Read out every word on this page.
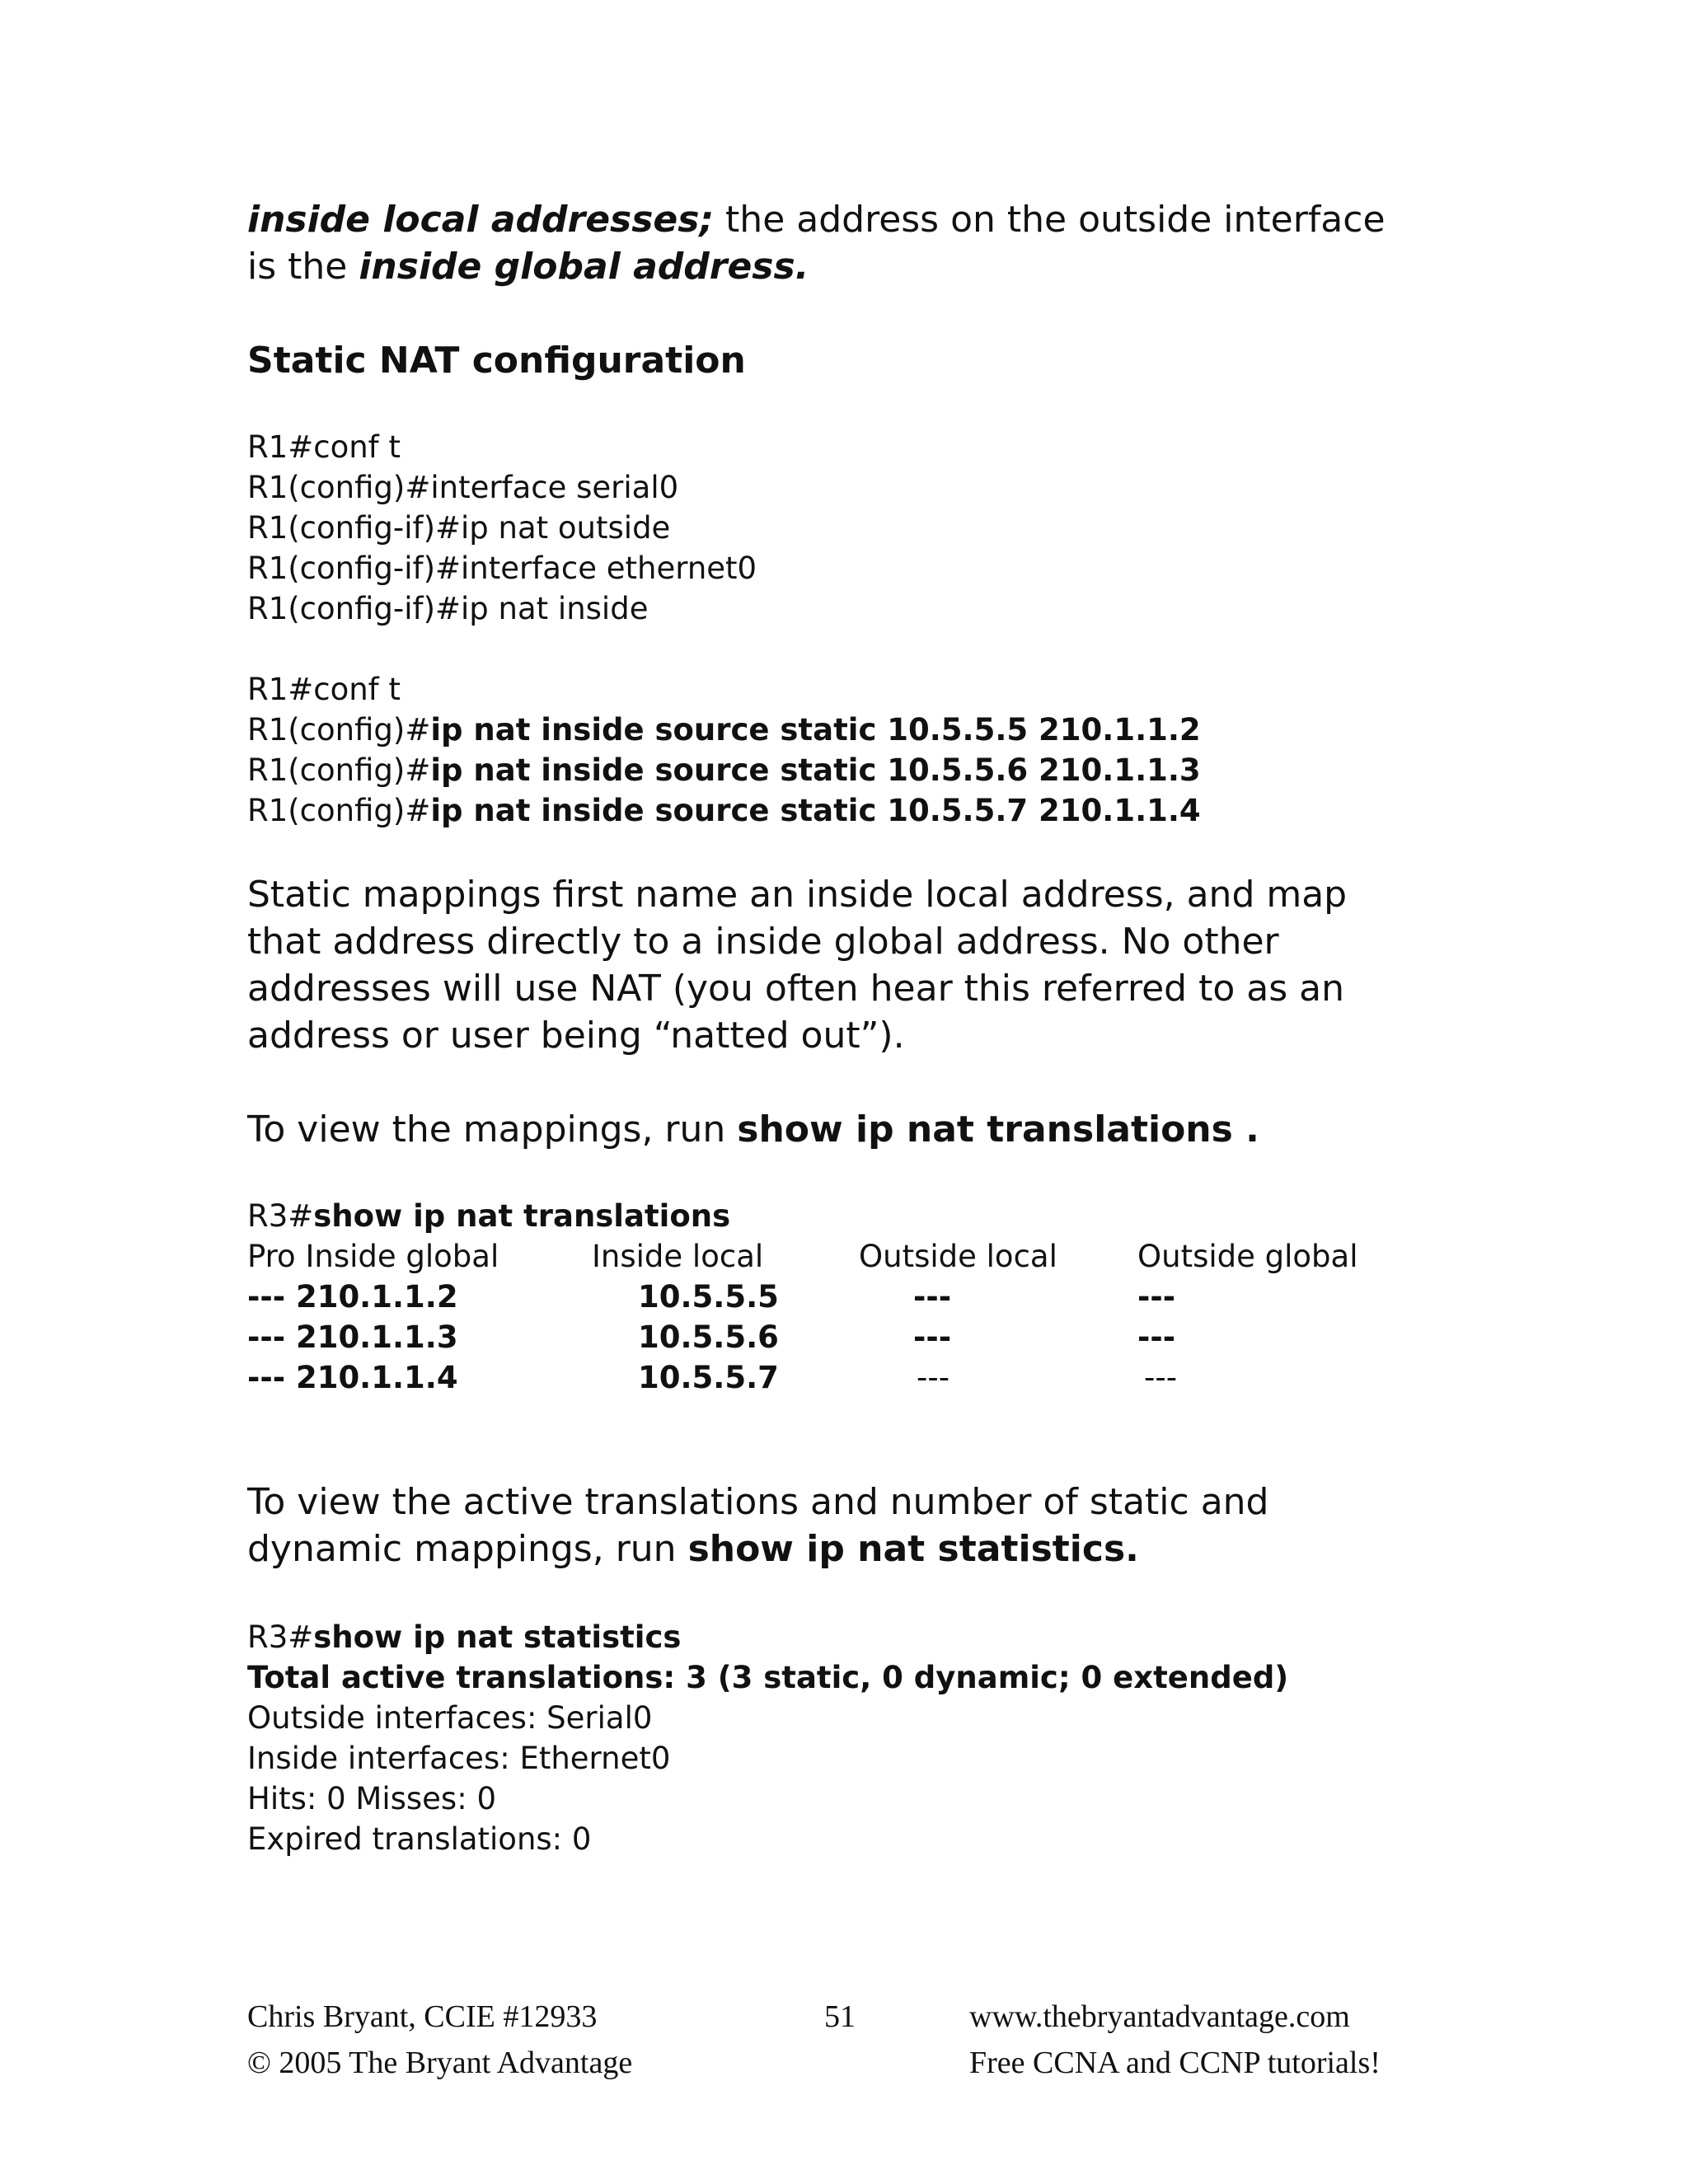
inside local addresses; the address on the outside interface
is the inside global address.
Static NAT configuration
R1#conf t
R1(config)#interface serial0
R1(config-if)#ip nat outside
R1(config-if)#interface ethernet0
R1(config-if)#ip nat inside
R1#conf t
R1(config)#ip nat inside source static 10.5.5.5 210.1.1.2
R1(config)#ip nat inside source static 10.5.5.6 210.1.1.3
R1(config)#ip nat inside source static 10.5.5.7 210.1.1.4
Static mappings first name an inside local address, and map
that address directly to a inside global address. No other
addresses will use NAT (you often hear this referred to as an
address or user being “natted out”).
To view the mappings, run show ip nat translations .
R3#show ip nat translations
Pro Inside global	Inside local	Outside local	Outside global
--- 210.1.1.2	10.5.5.5	---	---
--- 210.1.1.3	10.5.5.6	---	---
--- 210.1.1.4	10.5.5.7	---	---
To view the active translations and number of static and
dynamic mappings, run show ip nat statistics.
R3#show ip nat statistics
Total active translations: 3 (3 static, 0 dynamic; 0 extended)
Outside interfaces: Serial0
Inside interfaces: Ethernet0
Hits: 0 Misses: 0
Expired translations: 0
Chris Bryant, CCIE #12933
© 2005 The Bryant Advantage
51	www.thebryantadvantage.com
Free CCNA and CCNP tutorials!
